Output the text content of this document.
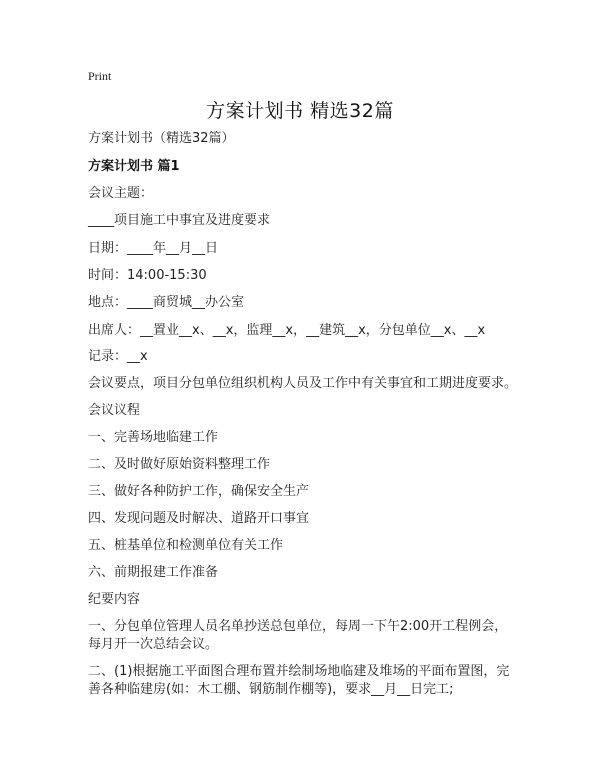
Print
方案计划书 精选32篇
方案计划书（精选32篇）
方案计划书 篇1
会议主题：
____项目施工中事宜及进度要求
日期：____年__月__日
时间：14:00-15:30
地点：____商贸城__办公室
出席人：__置业__x、__x，监理__x，__建筑__x，分包单位__x、__x
记录：__x
会议要点，项目分包单位组织机构人员及工作中有关事宜和工期进度要求。
会议议程
一、完善场地临建工作
二、及时做好原始资料整理工作
三、做好各种防护工作，确保安全生产
四、发现问题及时解决、道路开口事宜
五、桩基单位和检测单位有关工作
六、前期报建工作准备
纪要内容
一、分包单位管理人员名单抄送总包单位，每周一下午2:00开工程例会，每月开一次总结会议。
二、(1)根据施工平面图合理布置并绘制场地临建及堆场的平面布置图，完善各种临建房(如：木工棚、钢筋制作棚等)，要求__月__日完工;
